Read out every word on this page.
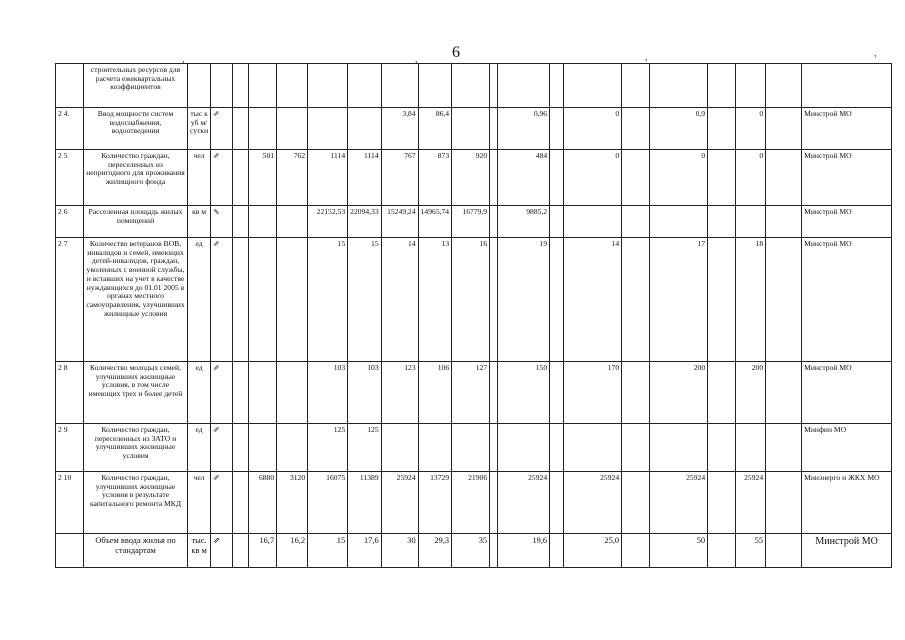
6
,	,	,	,
	строительных ресурсов для расчета ежеквартальных коэффициентов																				
2 4.	Ввод мощности систем водоснабжения, водоотведения	тыс к уб м/ сутки	⇗						3,84	86,4			0,96		0		0,9		0		Минстрой МО
2 5	Количество граждан, переселенных из непригодного для проживания жилищного фонда	чел	⇗		501	762	1114	1114	767	873	920		484		0		0		0		Минстрой МО
2 6	Расселенная площадь жилых помещений	кв м	⇘				22152,53	22094,33	15249,24	14965,74	16779,9		9885,2								Минстрой МО
2 7	Количество ветеранов ВОВ, инвалидов и семей, имеющих детей-инвалидов, граждан, уволенных с военной службы, и вставших на учет в качестве нуждающихся до 01.01 2005 в органах местного самоуправления, улучшивших жилищные условия	ед	⇗				15	15	14	13	16		19		14		17		18		Минстрой МО
2 8	Количество молодых семей, улучшивших жилищные условия, в том числе имеющих трех и более детей	ед	⇗				103	103	123	106	127		150		170		200		200		Минстрой МО
2 9	Количество граждан, переселенных из ЗАТО и улучшивших жилищные условия	ед	⇗				125	125													Минфин МО
2 10	Количество граждан, улучшивших жилищные условия в результате капитального ремонта МКД	чел	⇗		6880	3120	16075	11389	25924	13729	21906		25924		25924		25924		25924		Минэнерго и ЖКХ МО
	Объем ввода жилья по стандартам	тыс. кв м	⇗		16,7	16,2	15	17,6	30	29,3	35		19,6		25,0		50		55		Минстрой МО
